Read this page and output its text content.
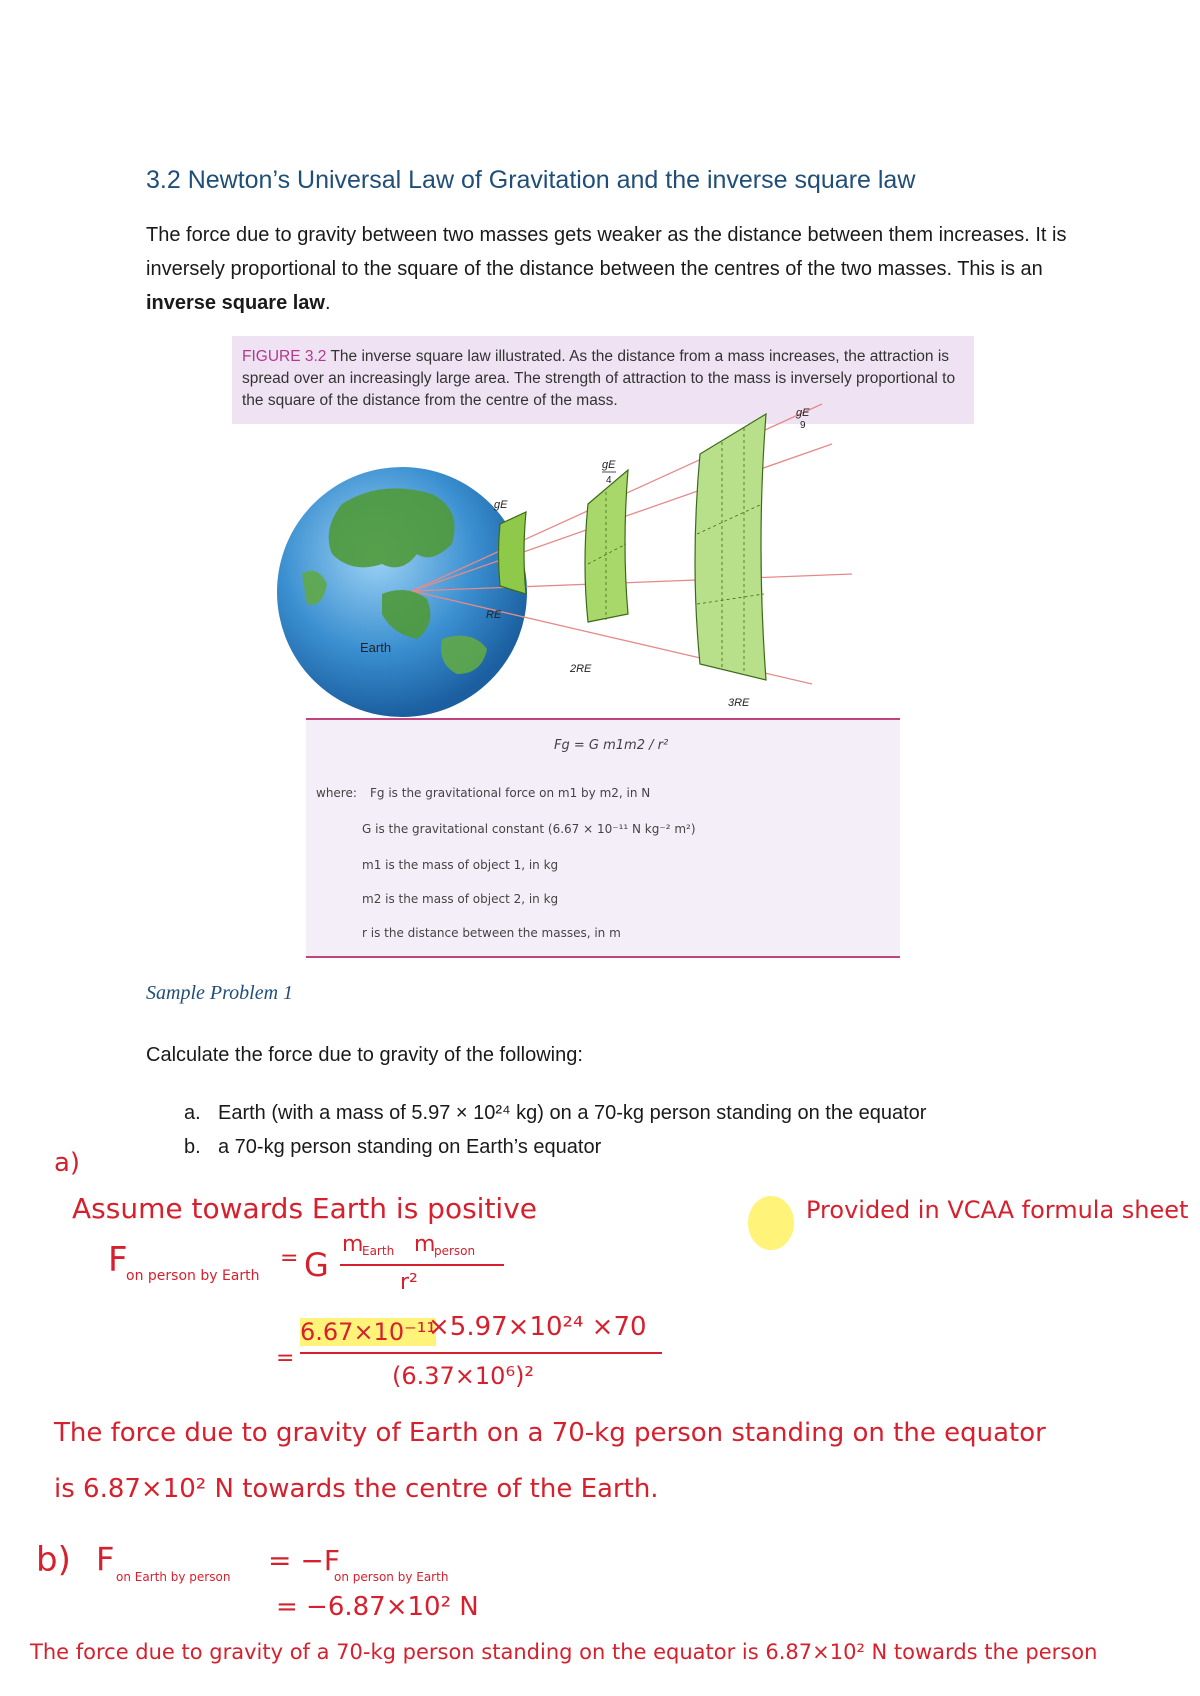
3.2 Newton’s Universal Law of Gravitation and the inverse square law
The force due to gravity between two masses gets weaker as the distance between them increases. It is inversely proportional to the square of the distance between the centres of the two masses. This is an inverse square law.
FIGURE 3.2 The inverse square law illustrated. As the distance from a mass increases, the attraction is spread over an increasingly large area. The strength of attraction to the mass is inversely proportional to the square of the distance from the centre of the mass.
Earth
gE
RE
gE
4
2RE
gE
9
3RE
Fg = G m1m2 / r²
where: Fg is the gravitational force on m1 by m2, in N
G is the gravitational constant (6.67 × 10⁻¹¹ N kg⁻² m²)
m1 is the mass of object 1, in kg
m2 is the mass of object 2, in kg
r is the distance between the masses, in m
Sample Problem 1
Calculate the force due to gravity of the following:
a. Earth (with a mass of 5.97 × 10²⁴ kg) on a 70-kg person standing on the equator
b. a 70-kg person standing on Earth’s equator
a)
Assume towards Earth is positive	Provided in VCAA formula sheet
F
on person by Earth
= G
m
Earth m
person
r²
=
6.67×10⁻¹¹
×5.97×10²⁴ ×70
(6.37×10⁶)²
The force due to gravity of Earth on a 70-kg person standing on the equator
is 6.87×10² N towards the centre of the Earth.
b) F on Earth by person = −F
on person by Earth
= −6.87×10² N
The force due to gravity of a 70-kg person standing on the equator is 6.87×10² N towards the person
